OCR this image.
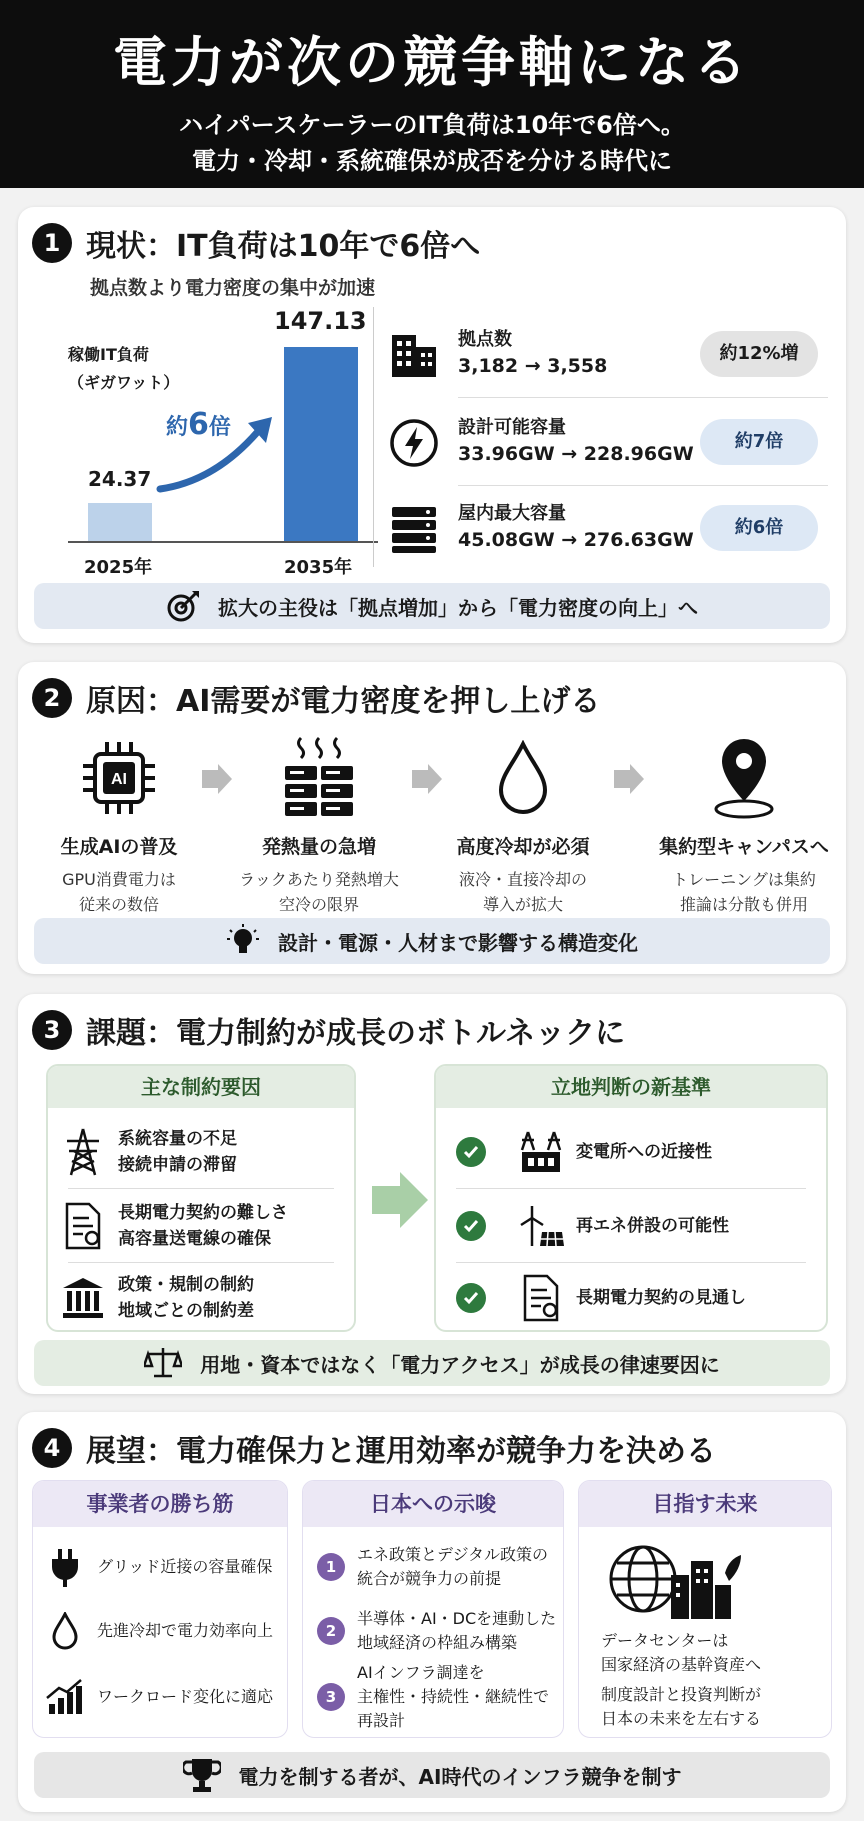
電力が次の競争軸になる
ハイパースケーラーのIT負荷は10年で6倍へ。
電力・冷却・系統確保が成否を分ける時代に
1 現状：IT負荷は10年で6倍へ
拠点数より電力密度の集中が加速
稼働IT負荷
（ギガワット）
147.13
24.37
約6倍
2025年	2035年
拠点数
3,182 → 3,558
約12%増
設計可能容量
33.96GW → 228.96GW
約7倍
屋内最大容量
45.08GW → 276.63GW
約6倍
拡大の主役は「拠点増加」から「電力密度の向上」へ
2 原因：AI需要が電力密度を押し上げる
AI
生成AIの普及
GPU消費電力は
従来の数倍
発熱量の急増
ラックあたり発熱増大
空冷の限界
高度冷却が必須
液冷・直接冷却の
導入が拡大
集約型キャンパスへ
トレーニングは集約
推論は分散も併用
設計・電源・人材まで影響する構造変化
3 課題：電力制約が成長のボトルネックに
主な制約要因
系統容量の不足
接続申請の滞留
長期電力契約の難しさ
高容量送電線の確保
政策・規制の制約
地域ごとの制約差
立地判断の新基準
変電所への近接性
再エネ併設の可能性
長期電力契約の見通し
用地・資本ではなく「電力アクセス」が成長の律速要因に
4 展望：電力確保力と運用効率が競争力を決める
事業者の勝ち筋
グリッド近接の容量確保
先進冷却で電力効率向上
ワークロード変化に適応
日本への示唆
1
エネ政策とデジタル政策の
統合が競争力の前提
2
半導体・AI・DCを連動した
地域経済の枠組み構築
3
AIインフラ調達を
主権性・持続性・継続性で再設計
目指す未来
データセンターは
国家経済の基幹資産へ
制度設計と投資判断が
日本の未来を左右する
電力を制する者が、AI時代のインフラ競争を制す
